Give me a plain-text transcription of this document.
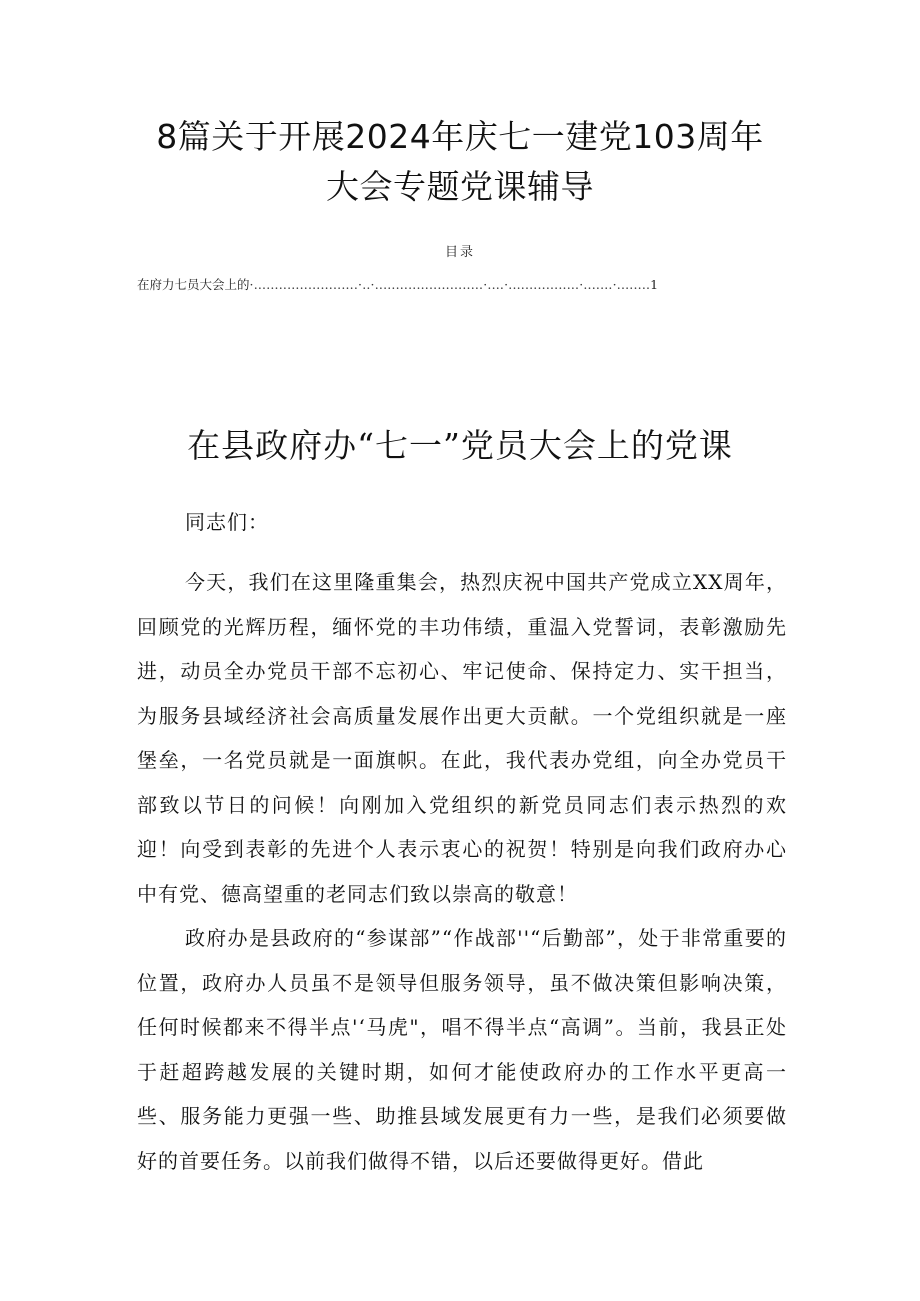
8篇关于开展2024年庆七一建党103周年
大会专题党课辅导
目录
在府力七员大会上的·.........................·..·..........................·....·.................·.......·........1
在县政府办“七一”党员大会上的党课
同志们：
今天，我们在这里隆重集会，热烈庆祝中国共产党成立XX周年，回顾党的光辉历程，缅怀党的丰功伟绩，重温入党誓词，表彰激励先进，动员全办党员干部不忘初心、牢记使命、保持定力、实干担当，为服务县域经济社会高质量发展作出更大贡献。一个党组织就是一座堡垒，一名党员就是一面旗帜。在此，我代表办党组，向全办党员干部致以节日的问候！向刚加入党组织的新党员同志们表示热烈的欢迎！向受到表彰的先进个人表示衷心的祝贺！特别是向我们政府办心中有党、德高望重的老同志们致以崇高的敬意！
政府办是县政府的“参谋部”“作战部''“后勤部”，处于非常重要的位置，政府办人员虽不是领导但服务领导，虽不做决策但影响决策，任何时候都来不得半点'‘马虎"，唱不得半点“高调”。当前，我县正处于赶超跨越发展的关键时期，如何才能使政府办的工作水平更高一些、服务能力更强一些、助推县域发展更有力一些，是我们必须要做好的首要任务。以前我们做得不错，以后还要做得更好。借此
